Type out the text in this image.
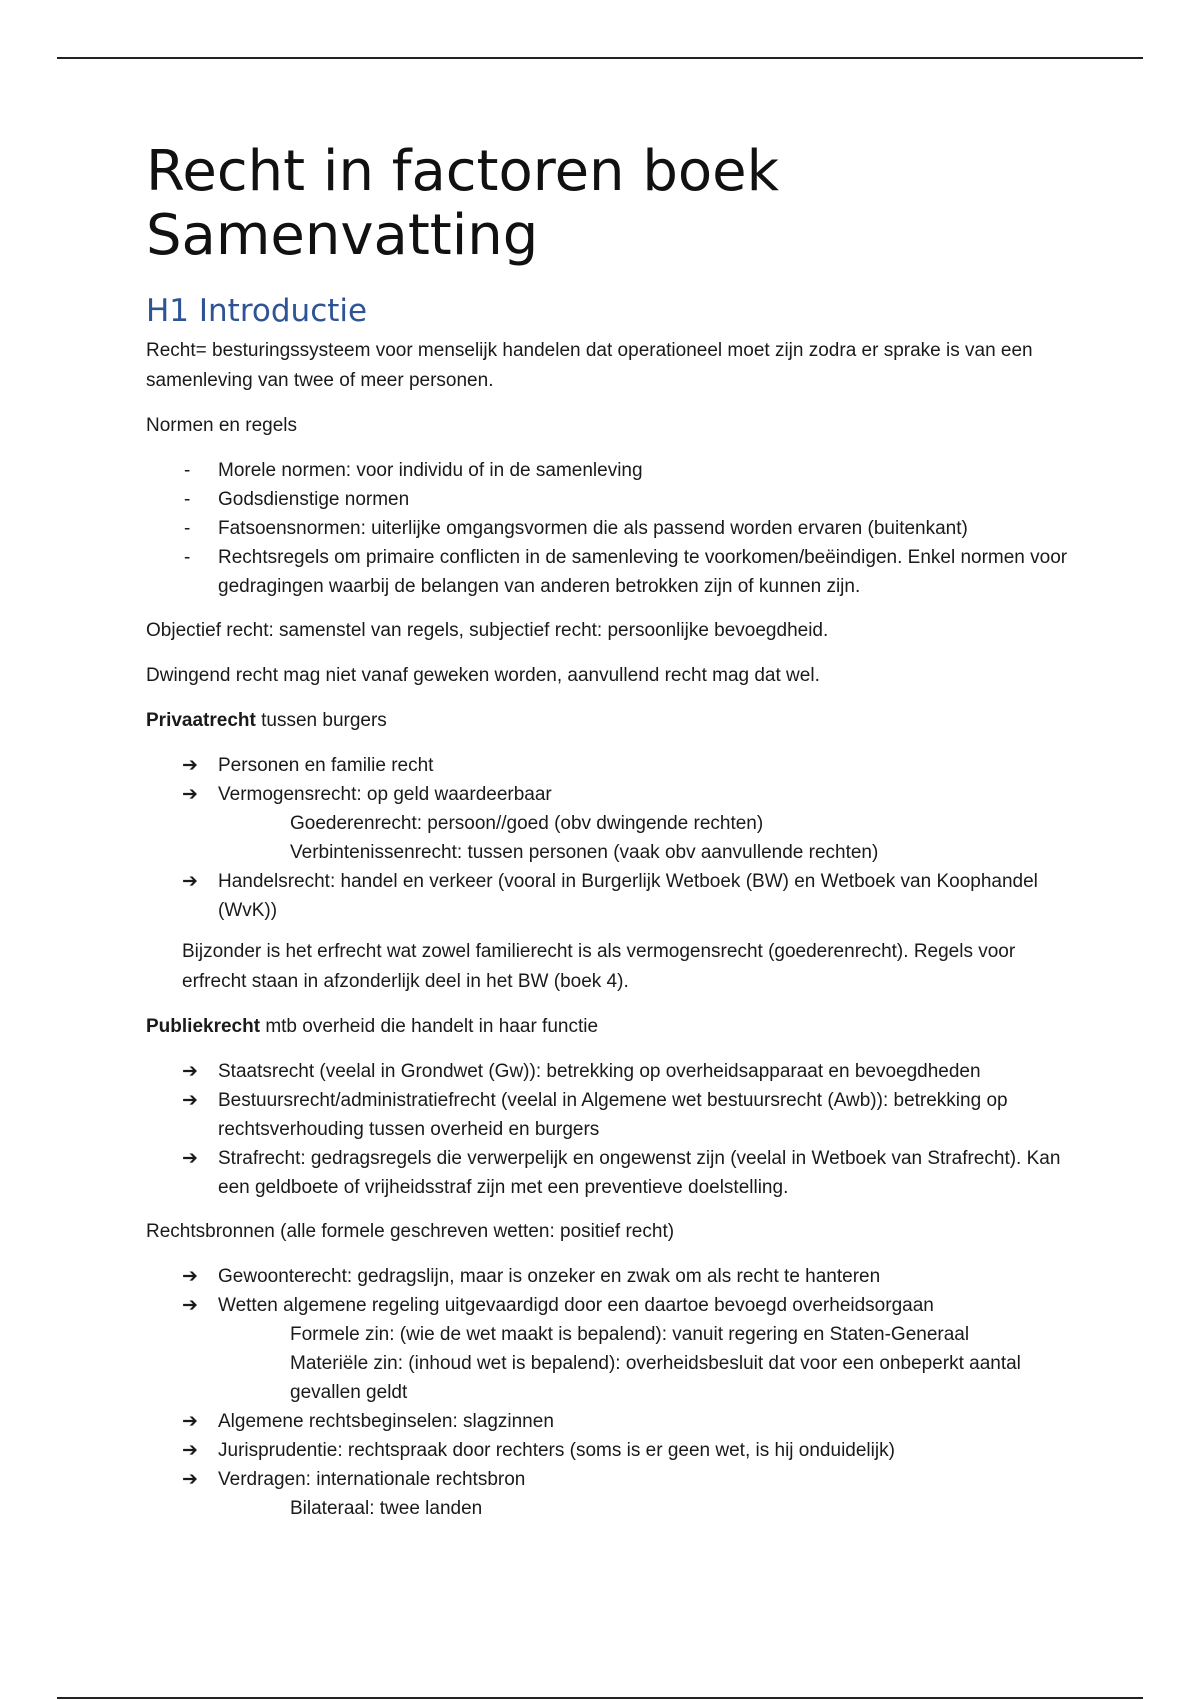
Recht in factoren boek
Samenvatting
H1 Introductie

Recht= besturingssysteem voor menselijk handelen dat operationeel moet zijn zodra er sprake is van een samenleving van twee of meer personen.

Normen en regels

-	Morele normen: voor individu of in de samenleving
-	Godsdienstige normen
-	Fatsoensnormen: uiterlijke omgangsvormen die als passend worden ervaren (buitenkant)
-	Rechtsregels om primaire conflicten in de samenleving te voorkomen/beëindigen. Enkel normen voor gedragingen waarbij de belangen van anderen betrokken zijn of kunnen zijn.

Objectief recht: samenstel van regels, subjectief recht: persoonlijke bevoegdheid.

Dwingend recht mag niet vanaf geweken worden, aanvullend recht mag dat wel.

Privaatrecht tussen burgers

➔	Personen en familie recht
➔	Vermogensrecht: op geld waardeerbaar
Goederenrecht: persoon//goed (obv dwingende rechten)
Verbintenissenrecht: tussen personen (vaak obv aanvullende rechten)
➔	Handelsrecht: handel en verkeer (vooral in Burgerlijk Wetboek (BW) en Wetboek van Koophandel (WvK))

Bijzonder is het erfrecht wat zowel familierecht is als vermogensrecht (goederenrecht). Regels voor erfrecht staan in afzonderlijk deel in het BW (boek 4).

Publiekrecht mtb overheid die handelt in haar functie

➔	Staatsrecht (veelal in Grondwet (Gw)): betrekking op overheidsapparaat en bevoegdheden
➔	Bestuursrecht/administratiefrecht (veelal in Algemene wet bestuursrecht (Awb)): betrekking op rechtsverhouding tussen overheid en burgers
➔	Strafrecht: gedragsregels die verwerpelijk en ongewenst zijn (veelal in Wetboek van Strafrecht). Kan een geldboete of vrijheidsstraf zijn met een preventieve doelstelling.

Rechtsbronnen (alle formele geschreven wetten: positief recht)

➔	Gewoonterecht: gedragslijn, maar is onzeker en zwak om als recht te hanteren
➔	Wetten algemene regeling uitgevaardigd door een daartoe bevoegd overheidsorgaan
Formele zin: (wie de wet maakt is bepalend): vanuit regering en Staten-Generaal
Materiële zin: (inhoud wet is bepalend): overheidsbesluit dat voor een onbeperkt aantal gevallen geldt
➔	Algemene rechtsbeginselen: slagzinnen
➔	Jurisprudentie: rechtspraak door rechters (soms is er geen wet, is hij onduidelijk)
➔	Verdragen: internationale rechtsbron
Bilateraal: twee landen
